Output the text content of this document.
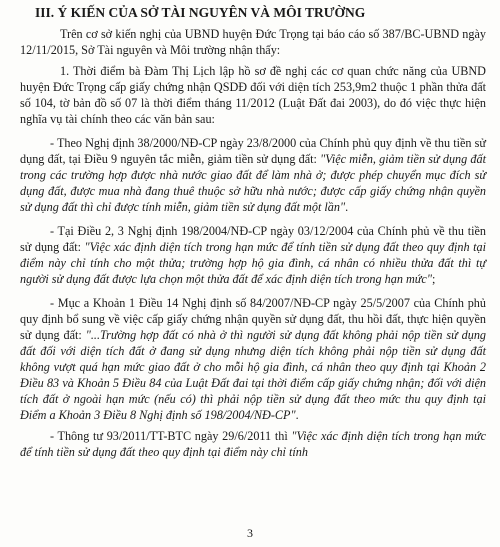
III. Ý KIẾN CỦA SỞ TÀI NGUYÊN VÀ MÔI TRƯỜNG

Trên cơ sở kiến nghị của UBND huyện Đức Trọng tại báo cáo số 387/BC-UBND ngày 12/11/2015, Sở Tài nguyên và Môi trường nhận thấy:

1. Thời điểm bà Đàm Thị Lịch lập hồ sơ đề nghị các cơ quan chức năng của UBND huyện Đức Trọng cấp giấy chứng nhận QSDĐ đối với diện tích 253,9m2 thuộc 1 phần thửa đất số 104, tờ bản đồ số 07 là thời điểm tháng 11/2012 (Luật Đất đai 2003), do đó việc thực hiện nghĩa vụ tài chính theo các văn bản sau:

- Theo Nghị định 38/2000/NĐ-CP ngày 23/8/2000 của Chính phủ quy định về thu tiền sử dụng đất, tại Điều 9 nguyên tắc miễn, giảm tiền sử dụng đất: "Việc miễn, giảm tiền sử dụng đất trong các trường hợp được nhà nước giao đất để làm nhà ở; được phép chuyển mục đích sử dụng đất, được mua nhà đang thuê thuộc sở hữu nhà nước; được cấp giấy chứng nhận quyền sử dụng đất thì chỉ được tính miễn, giảm tiền sử dụng đất một lần".

- Tại Điều 2, 3 Nghị định 198/2004/NĐ-CP ngày 03/12/2004 của Chính phủ về thu tiền sử dụng đất: "Việc xác định diện tích trong hạn mức để tính tiền sử dụng đất theo quy định tại điểm này chỉ tính cho một thửa; trường hợp hộ gia đình, cá nhân có nhiều thửa đất thì tự người sử dụng đất được lựa chọn một thửa đất để xác định diện tích trong hạn mức";

- Mục a Khoản 1 Điều 14 Nghị định số 84/2007/NĐ-CP ngày 25/5/2007 của Chính phủ quy định bổ sung về việc cấp giấy chứng nhận quyền sử dụng đất, thu hồi đất, thực hiện quyền sử dụng đất: "...Trường hợp đất có nhà ở thì người sử dụng đất không phải nộp tiền sử dụng đất đối với diện tích đất ở đang sử dụng nhưng diện tích không phải nộp tiền sử dụng đất không vượt quá hạn mức giao đất ở cho mỗi hộ gia đình, cá nhân theo quy định tại Khoản 2 Điều 83 và Khoản 5 Điều 84 của Luật Đất đai tại thời điểm cấp giấy chứng nhận; đối với diện tích đất ở ngoài hạn mức (nếu có) thì phải nộp tiền sử dụng đất theo mức thu quy định tại Điểm a Khoản 3 Điều 8 Nghị định số 198/2004/NĐ-CP".

- Thông tư 93/2011/TT-BTC ngày 29/6/2011 thì "Việc xác định diện tích trong hạn mức để tính tiền sử dụng đất theo quy định tại điểm này chỉ tính

3
